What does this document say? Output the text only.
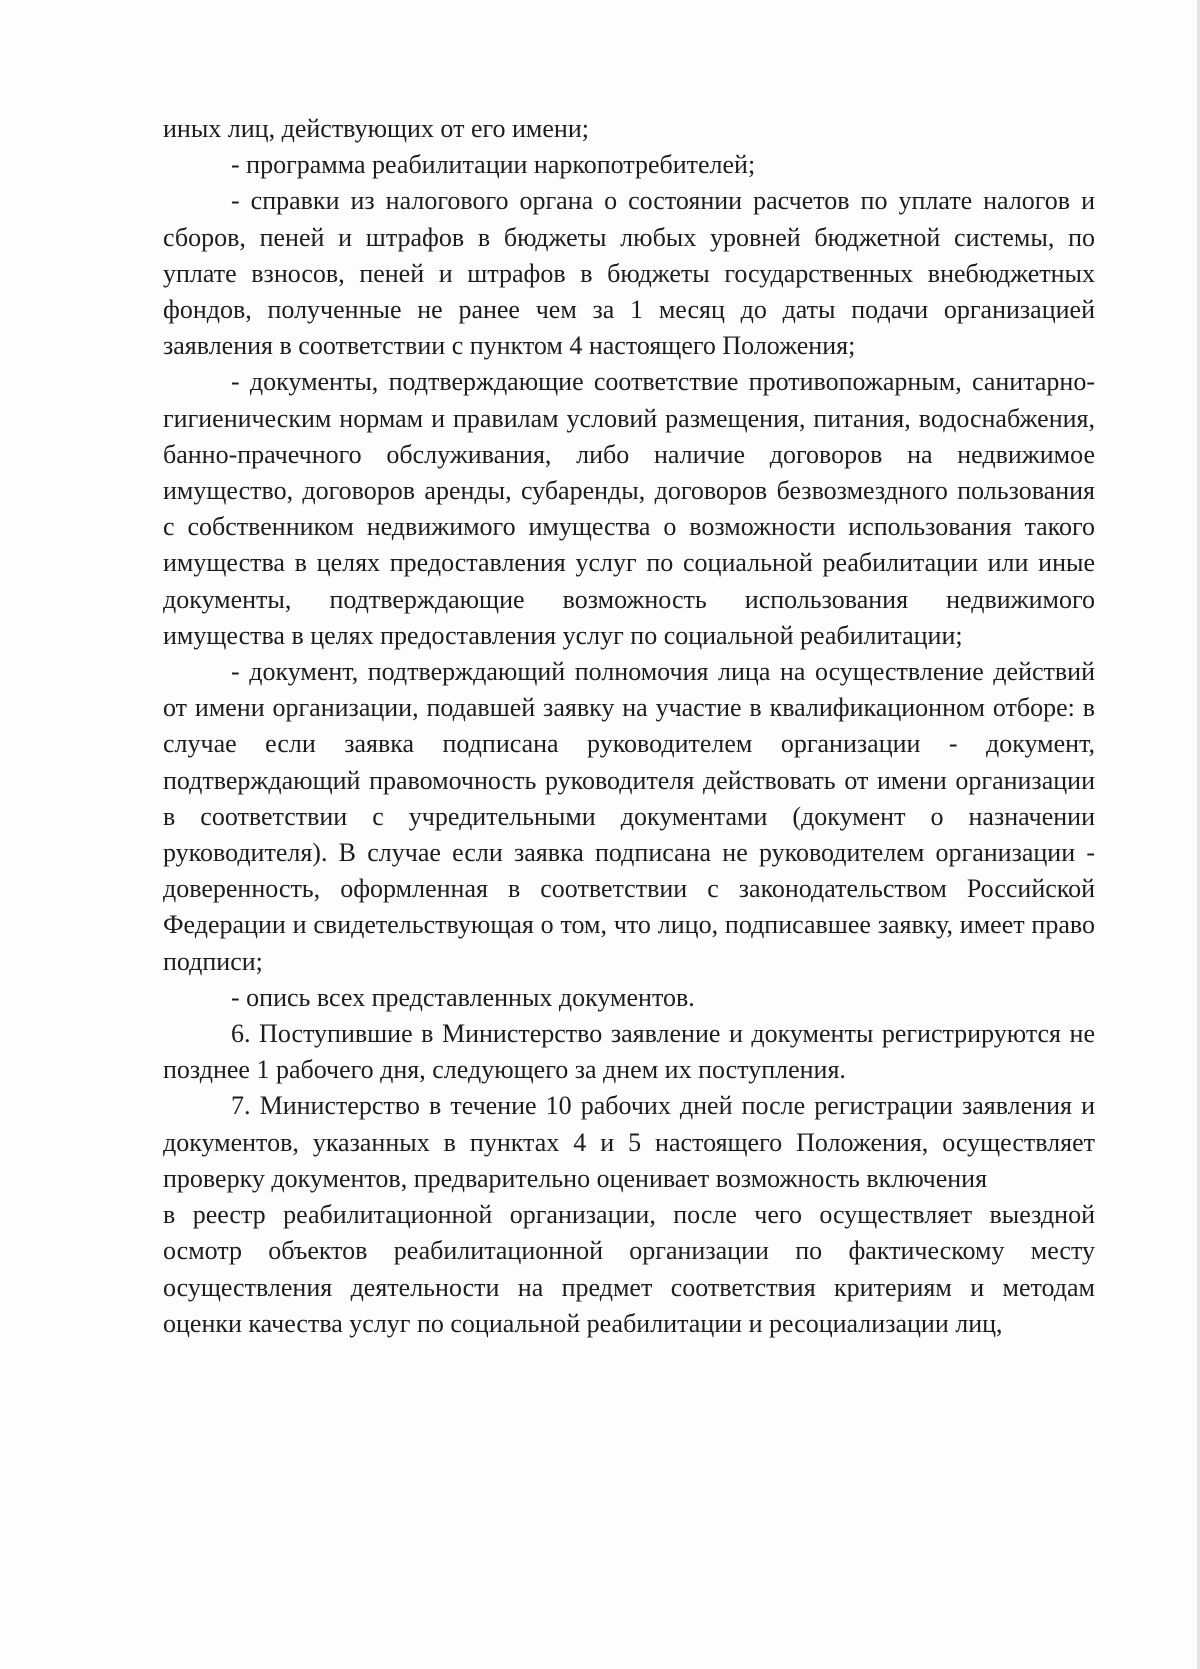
иных лиц, действующих от его имени;

- программа реабилитации наркопотребителей;

- справки из налогового органа о состоянии расчетов по уплате налогов и сборов, пеней и штрафов в бюджеты любых уровней бюджетной системы, по уплате взносов, пеней и штрафов в бюджеты государственных внебюджетных фондов, полученные не ранее чем за 1 месяц до даты подачи организацией заявления в соответствии с пунктом 4 настоящего Положения;

- документы, подтверждающие соответствие противопожарным, санитарно-гигиеническим нормам и правилам условий размещения, питания, водоснабжения, банно-прачечного обслуживания, либо наличие договоров на недвижимое имущество, договоров аренды, субаренды, договоров безвозмездного пользования с собственником недвижимого имущества о возможности использования такого имущества в целях предоставления услуг по социальной реабилитации или иные документы, подтверждающие возможность использования недвижимого имущества в целях предоставления услуг по социальной реабилитации;

- документ, подтверждающий полномочия лица на осуществление действий от имени организации, подавшей заявку на участие в квалификационном отборе: в случае если заявка подписана руководителем организации - документ, подтверждающий правомочность руководителя действовать от имени организации в соответствии с учредительными документами (документ о назначении руководителя). В случае если заявка подписана не руководителем организации - доверенность, оформленная в соответствии с законодательством Российской Федерации и свидетельствующая о том, что лицо, подписавшее заявку, имеет право подписи;

- опись всех представленных документов.

6. Поступившие в Министерство заявление и документы регистрируются не позднее 1 рабочего дня, следующего за днем их поступления.

7. Министерство в течение 10 рабочих дней после регистрации заявления и документов, указанных в пунктах 4 и 5 настоящего Положения, осуществляет проверку документов, предварительно оценивает возможность включения

в реестр реабилитационной организации, после чего осуществляет выездной осмотр объектов реабилитационной организации по фактическому месту осуществления деятельности на предмет соответствия критериям и методам оценки качества услуг по социальной реабилитации и ресоциализации лиц,
